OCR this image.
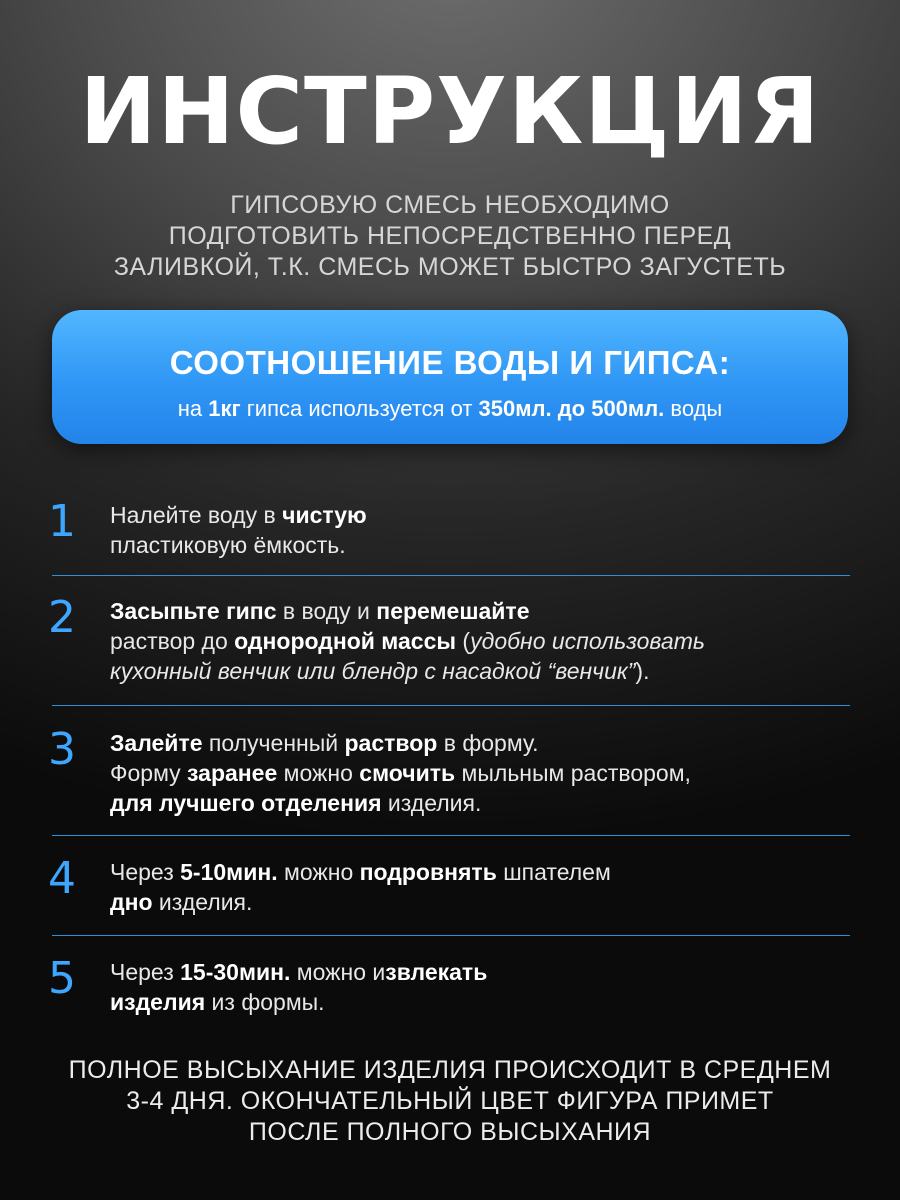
ИНСТРУКЦИЯ
ГИПСОВУЮ СМЕСЬ НЕОБХОДИМО
ПОДГОТОВИТЬ НЕПОСРЕДСТВЕННО ПЕРЕД
ЗАЛИВКОЙ, Т.К. СМЕСЬ МОЖЕТ БЫСТРО ЗАГУСТЕТЬ
СООТНОШЕНИЕ ВОДЫ И ГИПСА:
на 1кг гипса используется от 350мл. до 500мл. воды
1	Налейте воду в чистую
пластиковую ёмкость.
2	Засыпьте гипс в воду и перемешайте
раствор до однородной массы (удобно использовать
кухонный венчик или блендр с насадкой “венчик”).
3	Залейте полученный раствор в форму.
Форму заранее можно смочить мыльным раствором,
для лучшего отделения изделия.
4	Через 5-10мин. можно подровнять шпателем
дно изделия.
5	Через 15-30мин. можно извлекать
изделия из формы.
ПОЛНОЕ ВЫСЫХАНИЕ ИЗДЕЛИЯ ПРОИСХОДИТ В СРЕДНЕМ
3-4 ДНЯ. ОКОНЧАТЕЛЬНЫЙ ЦВЕТ ФИГУРА ПРИМЕТ
ПОСЛЕ ПОЛНОГО ВЫСЫХАНИЯ
